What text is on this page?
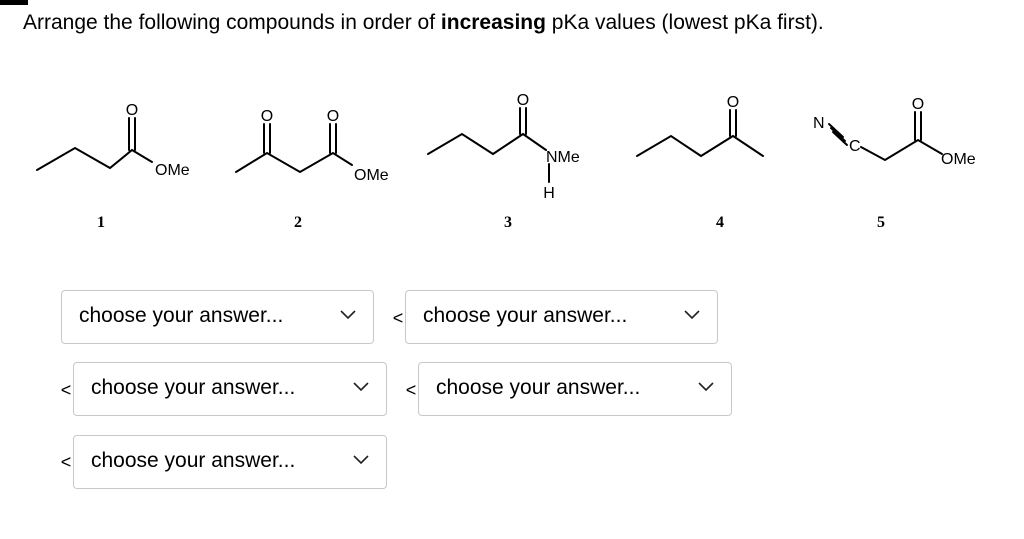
Arrange the following compounds in order of increasing pKa values (lowest pKa first).
O
OMe
O	O
OMe
O
NMe
H
O
N
C
O
OMe
1	2	3	4	5
choose your answer...	< choose your answer...
< choose your answer...	< choose your answer...
< choose your answer...
